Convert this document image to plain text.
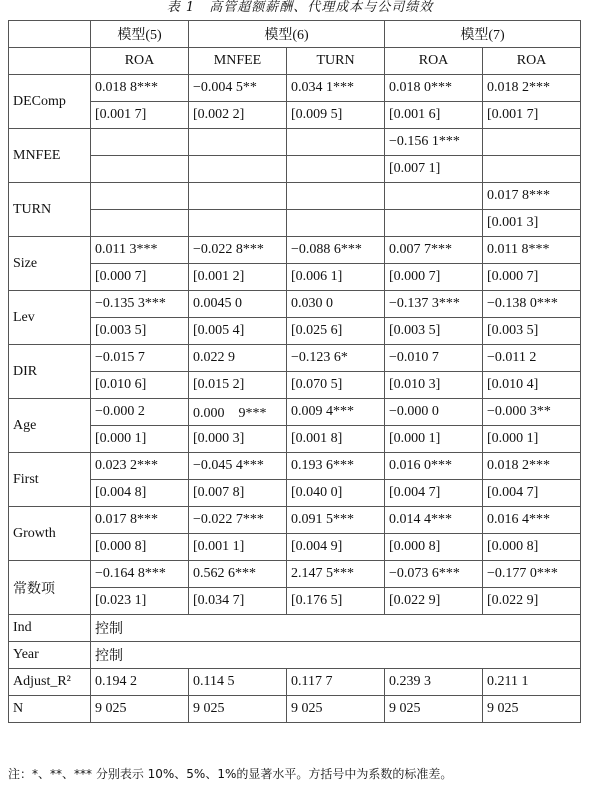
表 1　高管超额薪酬、代理成本与公司绩效
	模型(5)	模型(6)		模型(7)	
	ROA	MNFEE	TURN	ROA	ROA
DEComp	0.018 8***	−0.004 5**	0.034 1***	0.018 0***	0.018 2***
	[0.001 7]	[0.002 2]	[0.009 5]	[0.001 6]	[0.001 7]
MNFEE				−0.156 1***	
				[0.007 1]	
TURN					0.017 8***
					[0.001 3]
Size	0.011 3***	−0.022 8***	−0.088 6***	0.007 7***	0.011 8***
	[0.000 7]	[0.001 2]	[0.006 1]	[0.000 7]	[0.000 7]
Lev	−0.135 3***	0.0045 0	0.030 0	−0.137 3***	−0.138 0***
	[0.003 5]	[0.005 4]	[0.025 6]	[0.003 5]	[0.003 5]
DIR	−0.015 7	0.022 9	−0.123 6*	−0.010 7	−0.011 2
	[0.010 6]	[0.015 2]	[0.070 5]	[0.010 3]	[0.010 4]
Age	−0.000 2	0.000　9***	0.009 4***	−0.000 0	−0.000 3**
	[0.000 1]	[0.000 3]	[0.001 8]	[0.000 1]	[0.000 1]
First	0.023 2***	−0.045 4***	0.193 6***	0.016 0***	0.018 2***
	[0.004 8]	[0.007 8]	[0.040 0]	[0.004 7]	[0.004 7]
Growth	0.017 8***	−0.022 7***	0.091 5***	0.014 4***	0.016 4***
	[0.000 8]	[0.001 1]	[0.004 9]	[0.000 8]	[0.000 8]
常数项	−0.164 8***	0.562 6***	2.147 5***	−0.073 6***	−0.177 0***
	[0.023 1]	[0.034 7]	[0.176 5]	[0.022 9]	[0.022 9]
Ind	控制				
Year	控制				
Adjust_R²	0.194 2	0.114 5	0.117 7	0.239 3	0.211 1
N	9 025	9 025	9 025	9 025	9 025
注：*、**、*** 分别表示 10%、5%、1%的显著水平。方括号中为系数的标准差。
